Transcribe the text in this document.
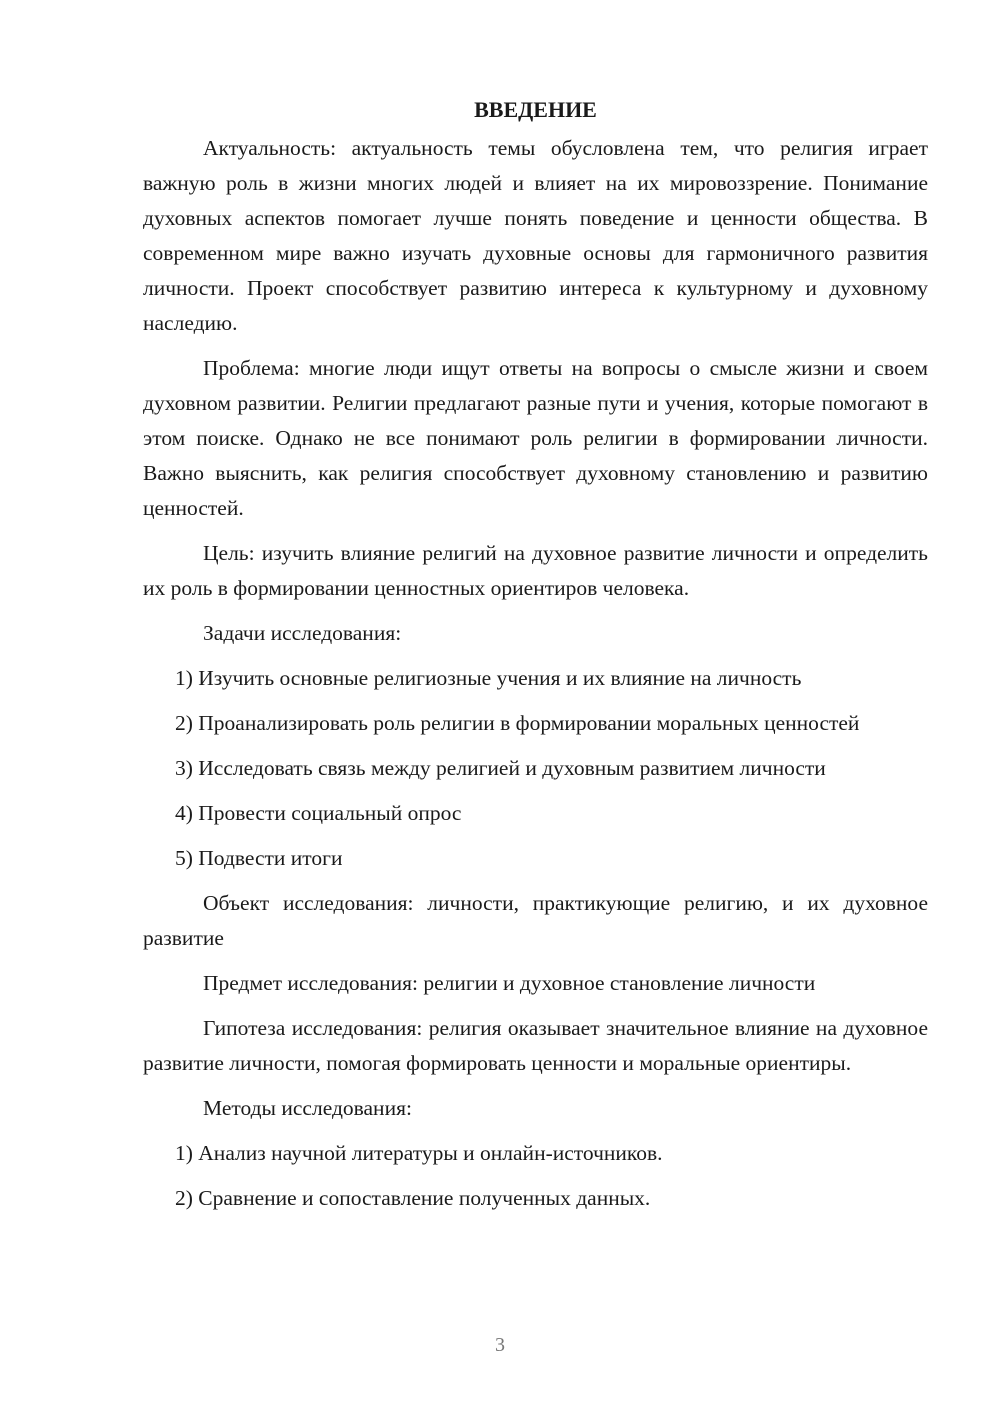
ВВЕДЕНИЕ

Актуальность: актуальность темы обусловлена тем, что религия играет важную роль в жизни многих людей и влияет на их мировоззрение. Понимание духовных аспектов помогает лучше понять поведение и ценности общества. В современном мире важно изучать духовные основы для гармоничного развития личности. Проект способствует развитию интереса к культурному и духовному наследию.

Проблема: многие люди ищут ответы на вопросы о смысле жизни и своем духовном развитии. Религии предлагают разные пути и учения, которые помогают в этом поиске. Однако не все понимают роль религии в формировании личности. Важно выяснить, как религия способствует духовному становлению и развитию ценностей.

Цель: изучить влияние религий на духовное развитие личности и определить их роль в формировании ценностных ориентиров человека.

Задачи исследования:

1) Изучить основные религиозные учения и их влияние на личность

2) Проанализировать роль религии в формировании моральных ценностей

3) Исследовать связь между религией и духовным развитием личности

4) Провести социальный опрос

5) Подвести итоги

Объект исследования: личности, практикующие религию, и их духовное развитие

Предмет исследования: религии и духовное становление личности

Гипотеза исследования: религия оказывает значительное влияние на духовное развитие личности, помогая формировать ценности и моральные ориентиры.

Методы исследования:

1) Анализ научной литературы и онлайн-источников.

2) Сравнение и сопоставление полученных данных.

3
